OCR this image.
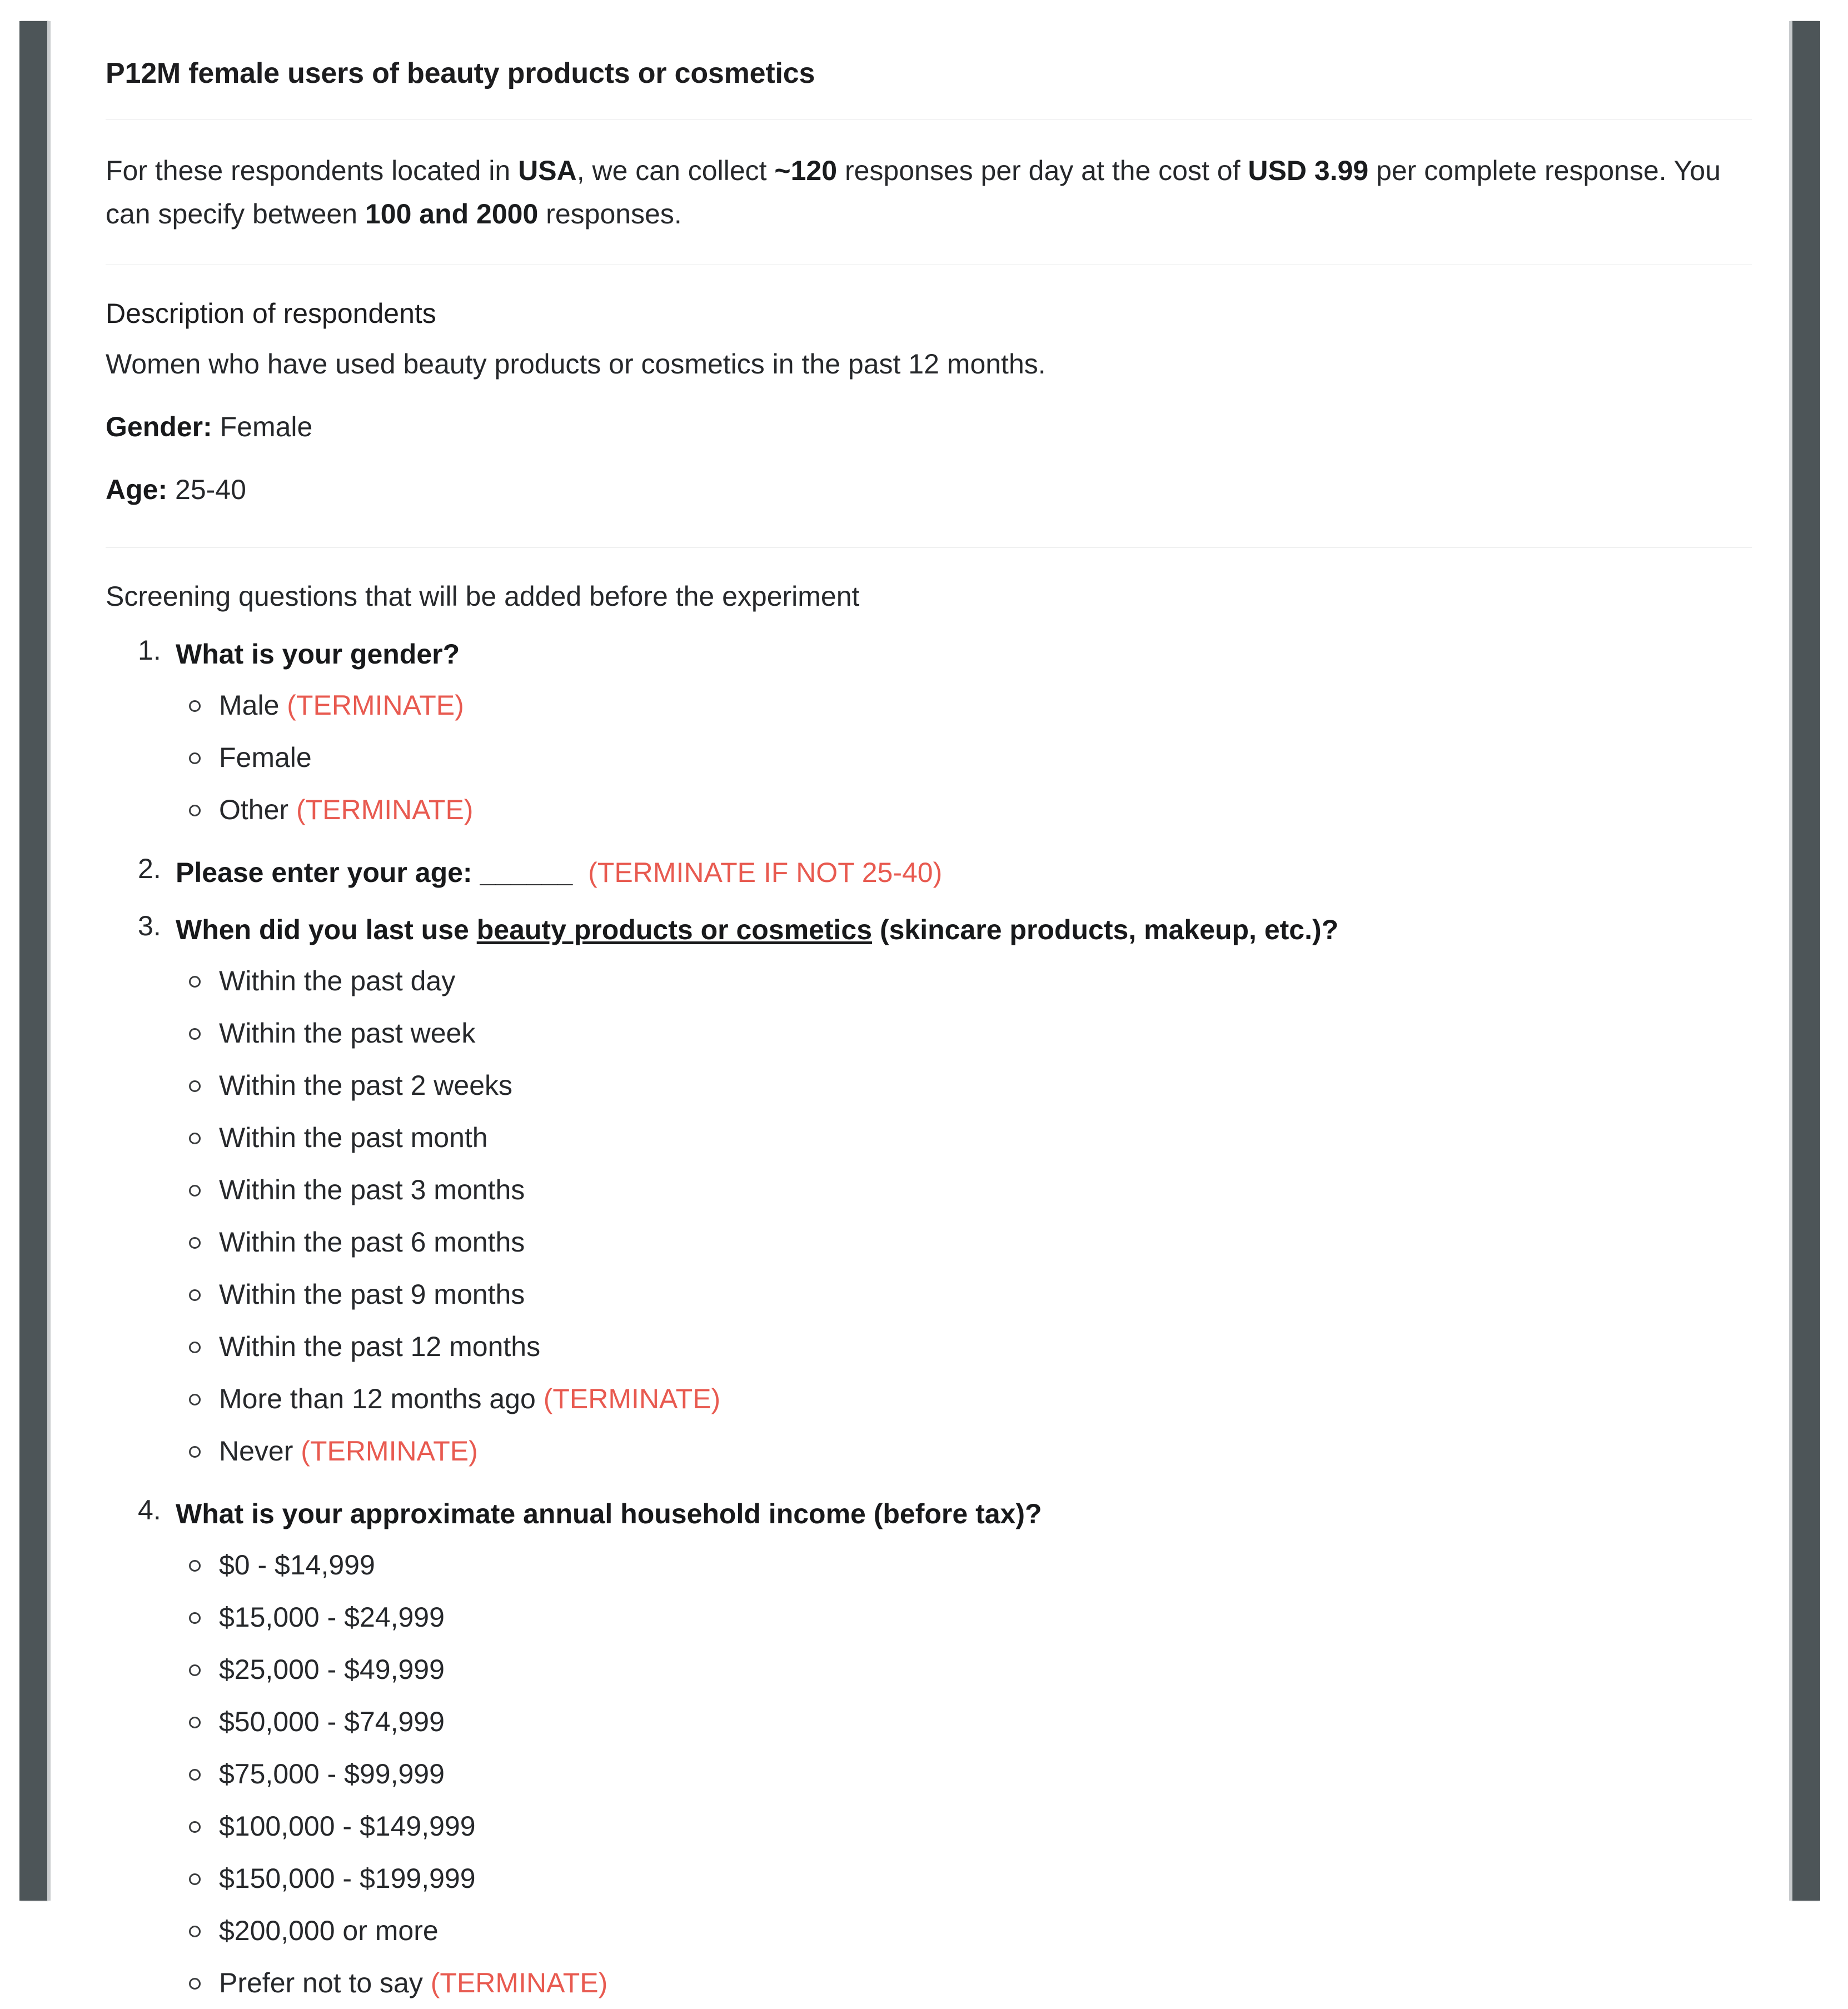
P12M female users of beauty products or cosmetics
For these respondents located in USA, we can collect ~120 responses per day at the cost of USD 3.99 per complete response. You can specify between 100 and 2000 responses.
Description of respondents
Women who have used beauty products or cosmetics in the past 12 months.
Gender: Female
Age: 25-40
Screening questions that will be added before the experiment
What is your gender?
Male (TERMINATE)
Female
Other (TERMINATE)
Please enter your age: ______ (TERMINATE IF NOT 25-40)
When did you last use beauty products or cosmetics (skincare products, makeup, etc.)?
Within the past day
Within the past week
Within the past 2 weeks
Within the past month
Within the past 3 months
Within the past 6 months
Within the past 9 months
Within the past 12 months
More than 12 months ago (TERMINATE)
Never (TERMINATE)
What is your approximate annual household income (before tax)?
$0 - $14,999
$15,000 - $24,999
$25,000 - $49,999
$50,000 - $74,999
$75,000 - $99,999
$100,000 - $149,999
$150,000 - $199,999
$200,000 or more
Prefer not to say (TERMINATE)
